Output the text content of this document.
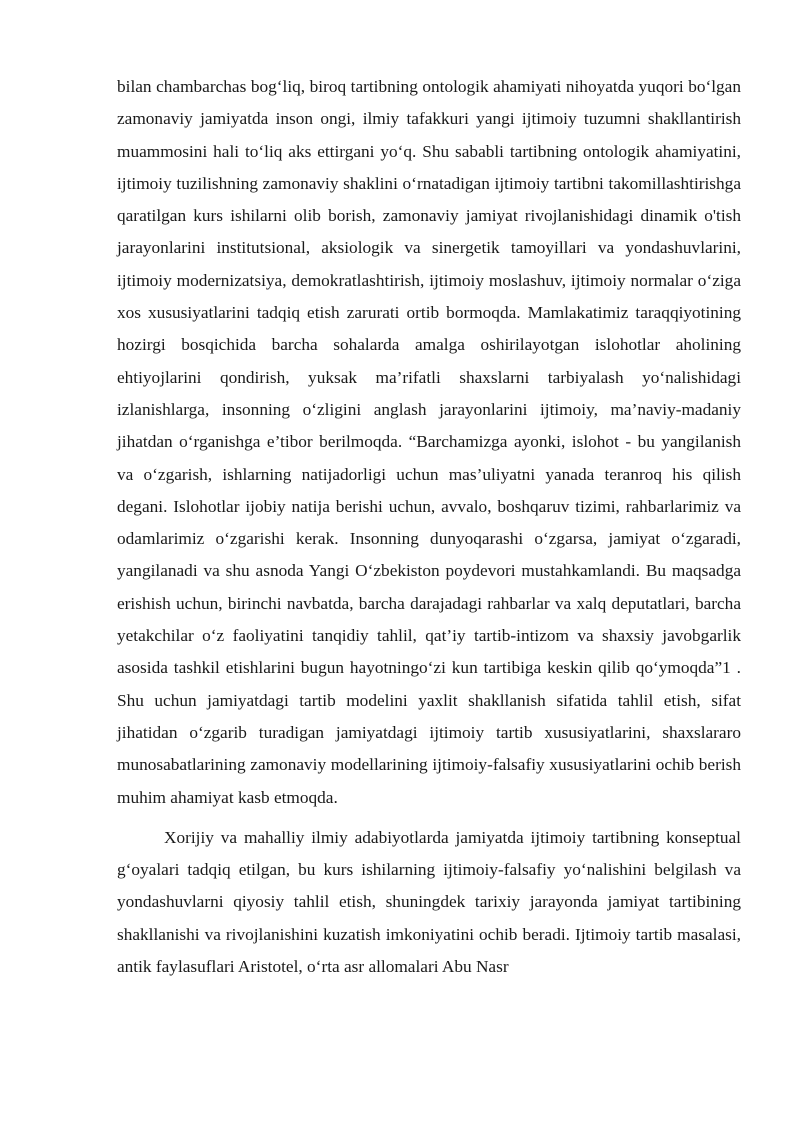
bilan chambarchas bog‘liq, biroq tartibning ontologik ahamiyati nihoyatda yuqori bo‘lgan zamonaviy jamiyatda inson ongi, ilmiy tafakkuri yangi ijtimoiy tuzumni shakllantirish muammosini hali to‘liq aks ettirgani yo‘q. Shu sababli tartibning ontologik ahamiyatini, ijtimoiy tuzilishning zamonaviy shaklini o‘rnatadigan ijtimoiy tartibni takomillashtirishga qaratilgan kurs ishilarni olib borish, zamonaviy jamiyat rivojlanishidagi dinamik o'tish jarayonlarini institutsional, aksiologik va sinergetik tamoyillari va yondashuvlarini, ijtimoiy modernizatsiya, demokratlashtirish, ijtimoiy moslashuv, ijtimoiy normalar o‘ziga xos xususiyatlarini tadqiq etish zarurati ortib bormoqda. Mamlakatimiz taraqqiyotining hozirgi bosqichida barcha sohalarda amalga oshirilayotgan islohotlar aholining ehtiyojlarini qondirish, yuksak ma’rifatli shaxslarni tarbiyalash yo‘nalishidagi izlanishlarga, insonning o‘zligini anglash jarayonlarini ijtimoiy, ma’naviy-madaniy jihatdan o‘rganishga e’tibor berilmoqda. “Barchamizga ayonki, islohot - bu yangilanish va o‘zgarish, ishlarning natijadorligi uchun mas’uliyatni yanada teranroq his qilish degani. Islohotlar ijobiy natija berishi uchun, avvalo, boshqaruv tizimi, rahbarlarimiz va odamlarimiz o‘zgarishi kerak. Insonning dunyoqarashi o‘zgarsa, jamiyat o‘zgaradi, yangilanadi va shu asnoda Yangi O‘zbekiston poydevori mustahkamlandi. Bu maqsadga erishish uchun, birinchi navbatda, barcha darajadagi rahbarlar va xalq deputatlari, barcha yetakchilar o‘z faoliyatini tanqidiy tahlil, qat’iy tartib-intizom va shaxsiy javobgarlik asosida tashkil etishlarini bugun hayotningo‘zi kun tartibiga keskin qilib qo‘ymoqda”1 . Shu uchun jamiyatdagi tartib modelini yaxlit shakllanish sifatida tahlil etish, sifat jihatidan o‘zgarib turadigan jamiyatdagi ijtimoiy tartib xususiyatlarini, shaxslararo munosabatlarining zamonaviy modellarining ijtimoiy-falsafiy xususiyatlarini ochib berish muhim ahamiyat kasb etmoqda.

Xorijiy va mahalliy ilmiy adabiyotlarda jamiyatda ijtimoiy tartibning konseptual g‘oyalari tadqiq etilgan, bu kurs ishilarning ijtimoiy-falsafiy yo‘nalishini belgilash va yondashuvlarni qiyosiy tahlil etish, shuningdek tarixiy jarayonda jamiyat tartibining shakllanishi va rivojlanishini kuzatish imkoniyatini ochib beradi. Ijtimoiy tartib masalasi, antik faylasuflari Aristotel, o‘rta asr allomalari Abu Nasr
